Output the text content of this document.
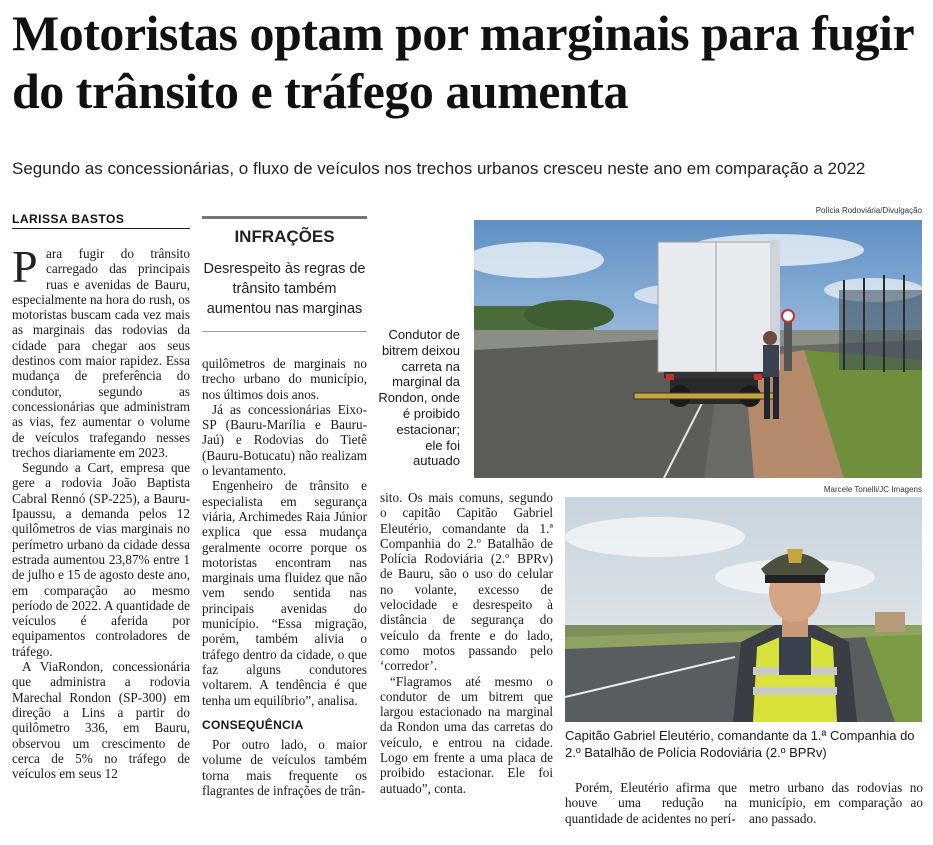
Motoristas optam por marginais para fugir do trânsito e tráfego aumenta

Segundo as concessionárias, o fluxo de veículos nos trechos urbanos cresceu neste ano em comparação a 2022

LARISSA BASTOS

Para fugir do trânsito carregado das principais ruas e avenidas de Bauru, especialmente na hora do rush, os motoristas buscam cada vez mais as marginais das rodovias da cidade para chegar aos seus destinos com maior rapidez. Essa mudança de preferência do condutor, segundo as concessionárias que administram as vias, fez aumentar o volume de veículos trafegando nesses trechos diariamente em 2023.

Segundo a Cart, empresa que gere a rodovia João Baptista Cabral Rennó (SP-225), a Bauru-Ipaussu, a demanda pelos 12 quilômetros de vias marginais no perímetro urbano da cidade dessa estrada aumentou 23,87% entre 1 de julho e 15 de agosto deste ano, em comparação ao mesmo período de 2022. A quantidade de veículos é aferida por equipamentos controladores de tráfego.

A ViaRondon, concessionária que administra a rodovia Marechal Rondon (SP-300) em direção a Lins a partir do quilômetro 336, em Bauru, observou um crescimento de cerca de 5% no tráfego de veículos em seus 12

INFRAÇÕES
Desrespeito às regras de trânsito também aumentou nas marginas

quilômetros de marginais no trecho urbano do município, nos últimos dois anos.

Já as concessionárias Eixo-SP (Bauru-Marília e Bauru-Jaú) e Rodovias do Tietê (Bauru-Botucatu) não realizam o levantamento.

Engenheiro de trânsito e especialista em segurança viária, Archimedes Raia Júnior explica que essa mudança geralmente ocorre porque os motoristas encontram nas marginais uma fluidez que não vem sendo sentida nas principais avenidas do município. “Essa migração, porém, também alivia o tráfego dentro da cidade, o que faz alguns condutores voltarem. A tendência é que tenha um equilíbrio”, analisa.

CONSEQUÊNCIA

Por outro lado, o maior volume de veículos também torna mais frequente os flagrantes de infrações de trân-

Condutor de bitrem deixou carreta na marginal da Rondon, onde é proibido estacionar; ele foi autuado
Polícia Rodoviária/Divulgação

sito. Os mais comuns, segundo o capitão Capitão Gabriel Eleutério, comandante da 1.ª Companhia do 2.º Batalhão de Polícia Rodoviária (2.º BPRv) de Bauru, são o uso do celular no volante, excesso de velocidade e desrespeito à distância de segurança do veículo da frente e do lado, como motos passando pelo ‘corredor’.

“Flagramos até mesmo o condutor de um bitrem que largou estacionado na marginal da Rondon uma das carretas do veículo, e entrou na cidade. Logo em frente a uma placa de proibido estacionar. Ele foi autuado”, conta.

Marcele Tonelli/JC Imagens
Capitão Gabriel Eleutério, comandante da 1.ª Companhia do 2.º Batalhão de Polícia Rodoviária (2.º BPRv)

Porém, Eleutério afirma que houve uma redução na quantidade de acidentes no perí-

metro urbano das rodovias no município, em comparação ao ano passado.
